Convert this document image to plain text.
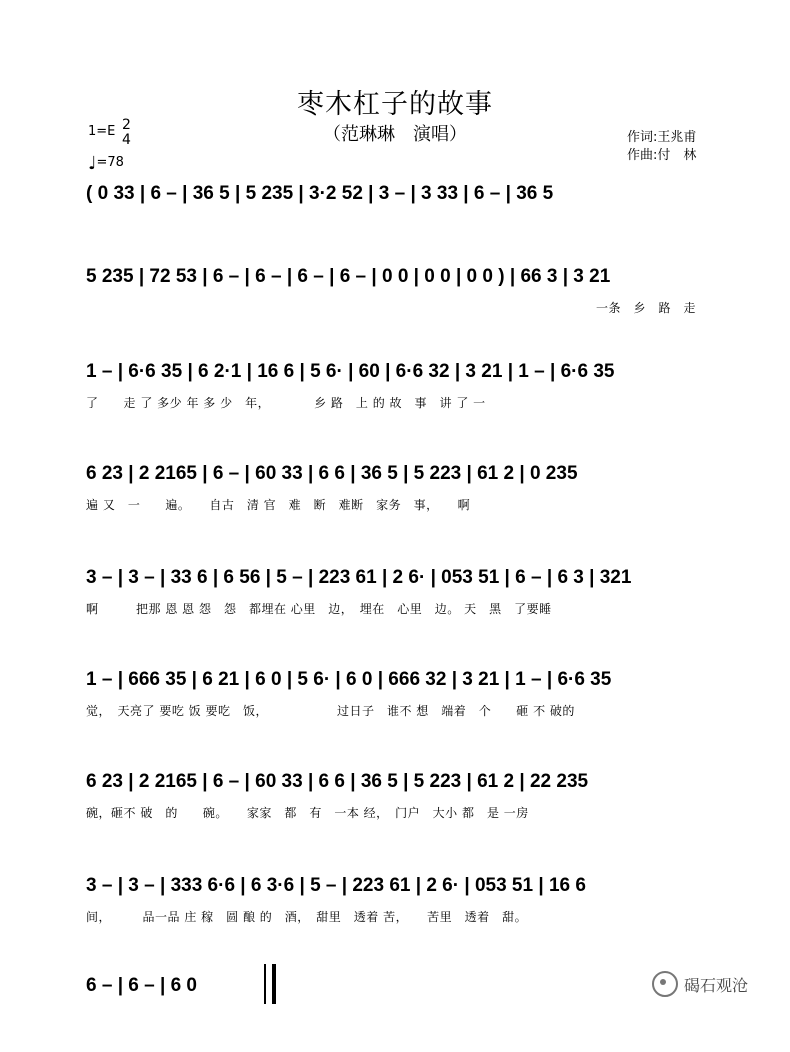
枣木杠子的故事
（范琳琳　演唱）
1=E 2
4
♩=78
作词:王兆甫
作曲:付　林
( 0 33 | 6 – | 36 5 | 5 235 | 3·2 52 | 3 – | 3 33 | 6 – | 36 5
5 235 | 72 53 | 6 – | 6 – | 6 – | 6 – | 0 0 | 0 0 | 0 0 ) | 66 3 | 3 21
一条　乡　路　走
1 – | 6·6 35 | 6 2·1 | 16 6 | 5 6· | 60 | 6·6 32 | 3 21 | 1 – | 6·6 35
了　　走 了 多少 年 多 少　年，　　　　乡 路　上 的 故　事　讲 了 一
6 23 | 2 2165 | 6 – | 60 33 | 6 6 | 36 5 | 5 223 | 61 2 | 0 235
遍 又　一　　遍。　　自古　清 官　难　断　难断　家务　事，　　啊
3 – | 3 – | 33 6 | 6 56 | 5 – | 223 61 | 2 6· | 053 51 | 6 – | 6 3 | 321
啊　　　把那 恩 恩 怨　怨　都埋在 心里　边，　埋在　心里　边。 天　黑　了要睡
1 – | 666 35 | 6 21 | 6 0 | 5 6· | 6 0 | 666 32 | 3 21 | 1 – | 6·6 35
觉，　天亮了 要吃 饭 要吃　饭，　　　　　　过日子　谁不 想　端着　个　　砸 不 破的
6 23 | 2 2165 | 6 – | 60 33 | 6 6 | 36 5 | 5 223 | 61 2 | 22 235
碗，砸不 破　的　　碗。　　家家　都　有　一本 经，　门户　大小 都　是 一房
3 – | 3 – | 333 6·6 | 6 3·6 | 5 – | 223 61 | 2 6· | 053 51 | 16 6
间，　　　品一品 庄 稼　圆 酿 的　酒，　甜里　透着 苦，　　苦里　透着　甜。
6 – | 6 – | 6 0	碣石观沧
